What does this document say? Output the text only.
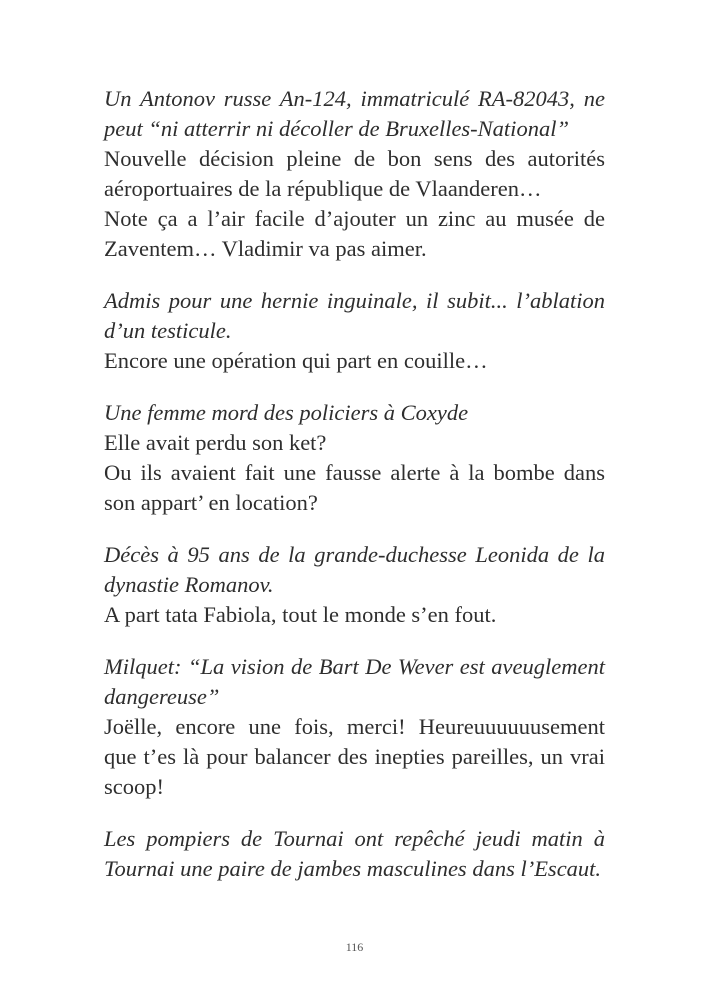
Un Antonov russe An-124, immatriculé RA-82043, ne peut “ni atterrir ni décoller de Bruxelles-National”

Nouvelle décision pleine de bon sens des autorités aéroportuaires de la république de Vlaanderen…

Note ça a l’air facile d’ajouter un zinc au musée de Zaventem… Vladimir va pas aimer.

Admis pour une hernie inguinale, il subit... l’ablation d’un testicule.

Encore une opération qui part en couille…

Une femme mord des policiers à Coxyde

Elle avait perdu son ket?

Ou ils avaient fait une fausse alerte à la bombe dans son appart’ en location?

Décès à 95 ans de la grande-duchesse Leonida de la dynastie Romanov.

A part tata Fabiola, tout le monde s’en fout.

Milquet: “La vision de Bart De Wever est aveuglement dangereuse”

Joëlle, encore une fois, merci! Heureuuuuuusement que t’es là pour balancer des inepties pareilles, un vrai scoop!

Les pompiers de Tournai ont repêché jeudi matin à Tournai une paire de jambes masculines dans l’Escaut.

116
